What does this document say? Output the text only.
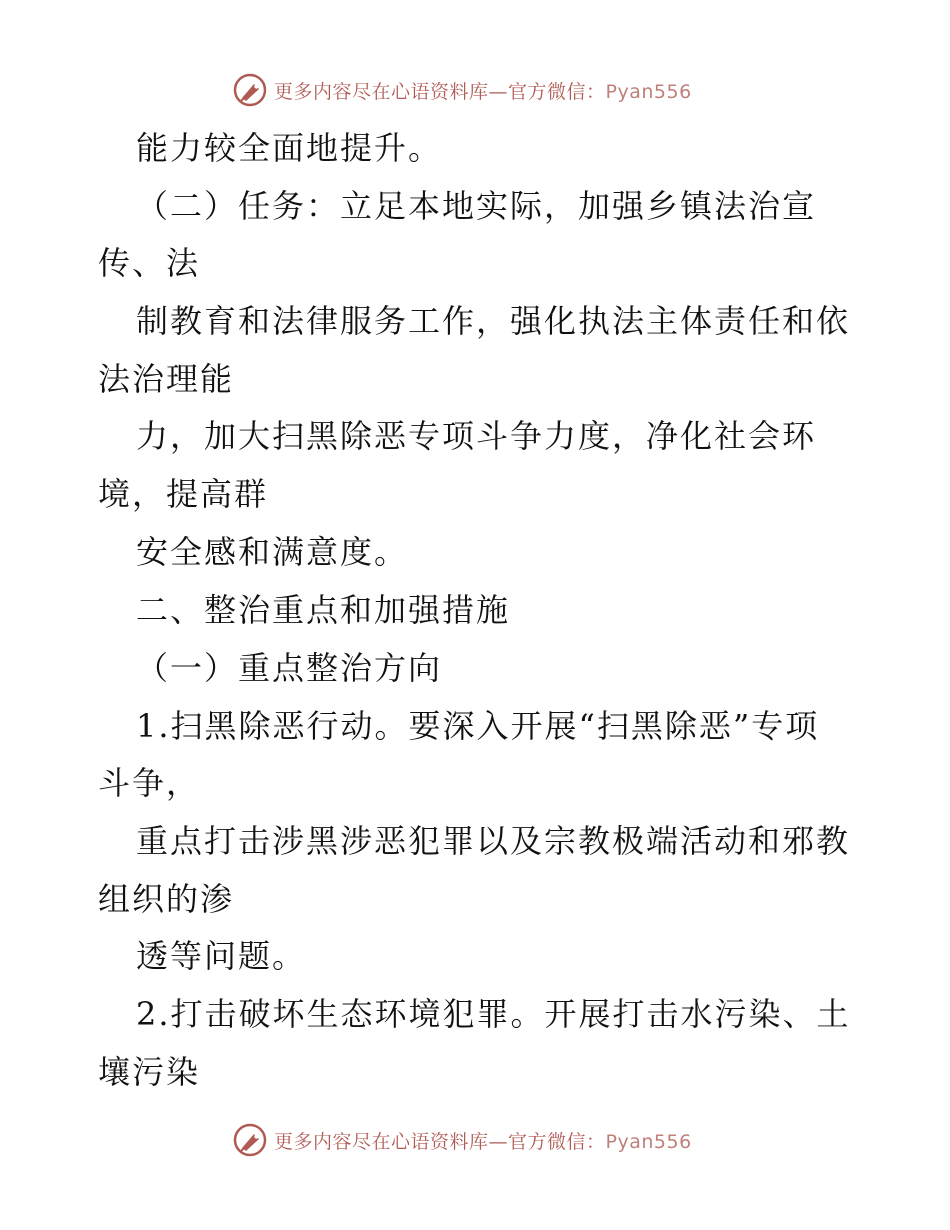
更多内容尽在心语资料库—官方微信：Pyan556
能力较全面地提升。
（二）任务：立足本地实际，加强乡镇法治宣
传、法
制教育和法律服务工作，强化执法主体责任和依
法治理能
力，加大扫黑除恶专项斗争力度，净化社会环
境，提高群
安全感和满意度。
二、整治重点和加强措施
（一）重点整治方向
1.扫黑除恶行动。要深入开展“扫黑除恶”专项
斗争，
重点打击涉黑涉恶犯罪以及宗教极端活动和邪教
组织的渗
透等问题。
2.打击破坏生态环境犯罪。开展打击水污染、土
壤污染
更多内容尽在心语资料库—官方微信：Pyan556
